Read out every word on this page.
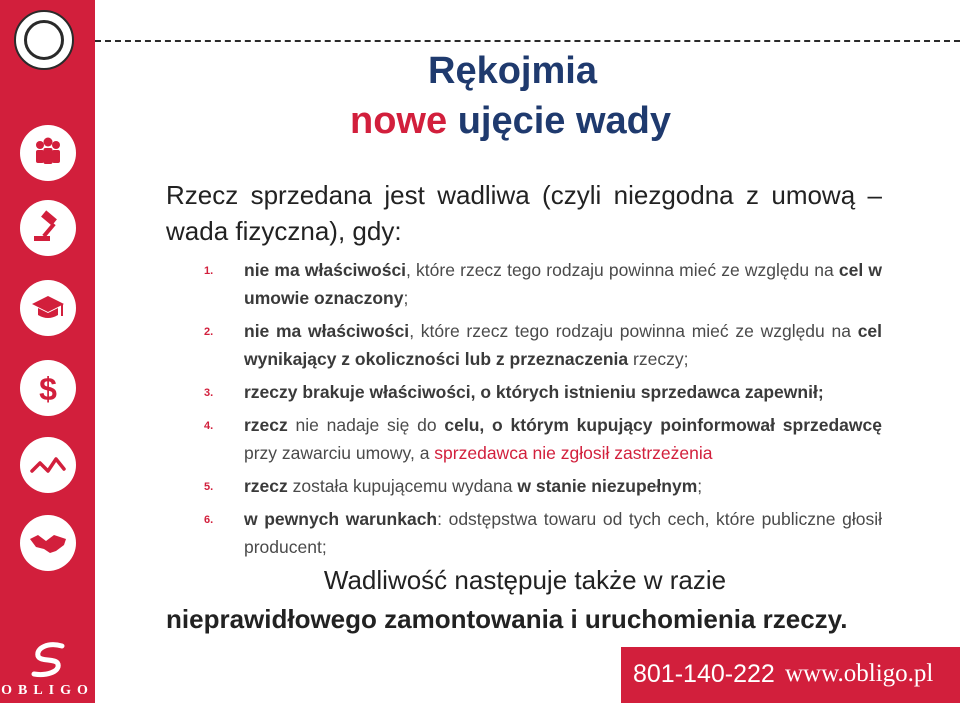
$
OBLIGO
Rękojmia
nowe ujęcie wady
Rzecz sprzedana jest wadliwa (czyli niezgodna z umową – wada fizyczna), gdy:
1. nie ma właściwości, które rzecz tego rodzaju powinna mieć ze względu na cel w umowie oznaczony;
2. nie ma właściwości, które rzecz tego rodzaju powinna mieć ze względu na cel wynikający z okoliczności lub z przeznaczenia rzeczy;
3. rzeczy brakuje właściwości, o których istnieniu sprzedawca zapewnił;
4. rzecz nie nadaje się do celu, o którym kupujący poinformował sprzedawcę przy zawarciu umowy, a sprzedawca nie zgłosił zastrzeżenia
5. rzecz została kupującemu wydana w stanie niezupełnym;
6. w pewnych warunkach: odstępstwa towaru od tych cech, które publiczne głosił producent;
Wadliwość następuje także w razie
nieprawidłowego zamontowania i uruchomienia rzeczy.
801-140-222 www.obligo.pl
